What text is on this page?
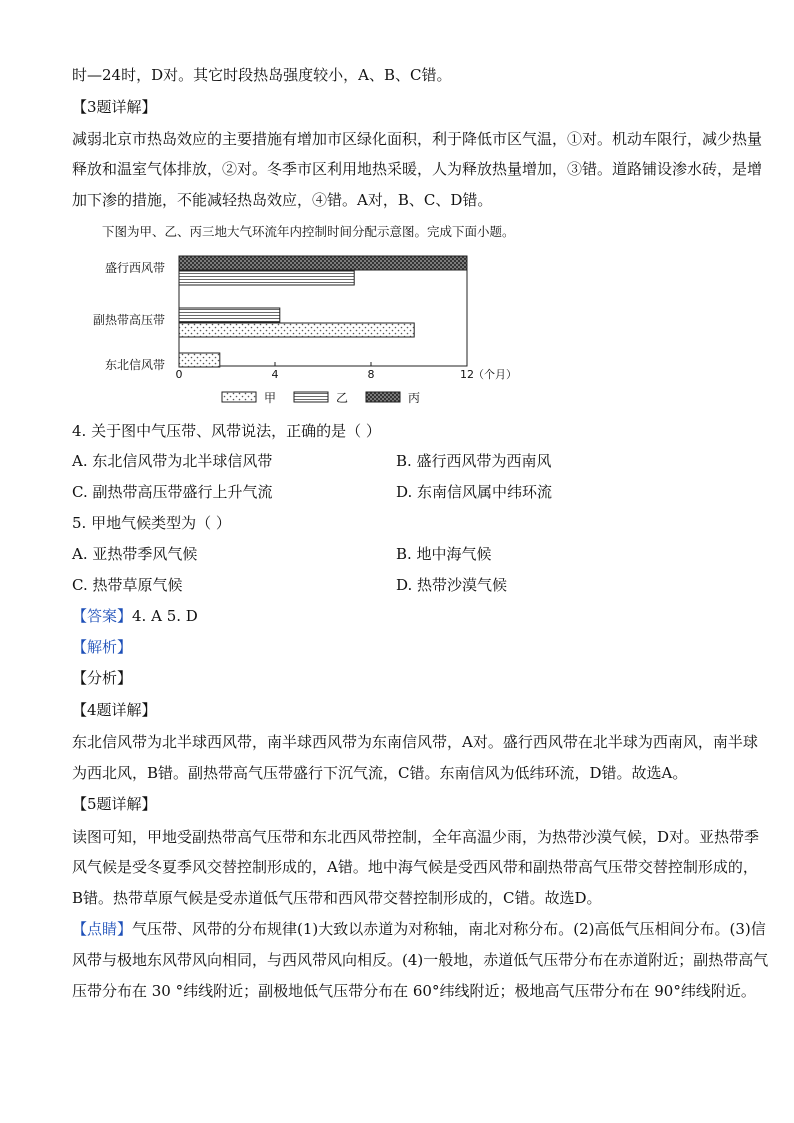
时—24时，D对。其它时段热岛强度较小，A、B、C错。
【3题详解】
减弱北京市热岛效应的主要措施有增加市区绿化面积，利于降低市区气温，①对。机动车限行，减少热量
释放和温室气体排放，②对。冬季市区利用地热采暖，人为释放热量增加，③错。道路铺设渗水砖，是增
加下渗的措施，不能减轻热岛效应，④错。A对，B、C、D错。
下图为甲、乙、丙三地大气环流年内控制时间分配示意图。完成下面小题。
盛行西风带
副热带高压带
东北信风带
0	4	8	12 （个月）
甲	乙	丙
4. 关于图中气压带、风带说法，正确的是（ ）
A. 东北信风带为北半球信风带	B. 盛行西风带为西南风
C. 副热带高压带盛行上升气流	D. 东南信风属中纬环流
5. 甲地气候类型为（ ）
A. 亚热带季风气候	B. 地中海气候
C. 热带草原气候	D. 热带沙漠气候
【答案】4. A 5. D
【解析】
【分析】
【4题详解】
东北信风带为北半球西风带，南半球西风带为东南信风带，A对。盛行西风带在北半球为西南风，南半球
为西北风，B错。副热带高气压带盛行下沉气流，C错。东南信风为低纬环流，D错。故选A。
【5题详解】
读图可知，甲地受副热带高气压带和东北西风带控制，全年高温少雨，为热带沙漠气候，D对。亚热带季
风气候是受冬夏季风交替控制形成的，A错。地中海气候是受西风带和副热带高气压带交替控制形成的，
B错。热带草原气候是受赤道低气压带和西风带交替控制形成的，C错。故选D。
【点睛】气压带、风带的分布规律(1)大致以赤道为对称轴，南北对称分布。(2)高低气压相间分布。(3)信
风带与极地东风带风向相同，与西风带风向相反。(4)一般地，赤道低气压带分布在赤道附近；副热带高气
压带分布在 30 °纬线附近；副极地低气压带分布在 60°纬线附近；极地高气压带分布在 90°纬线附近。
